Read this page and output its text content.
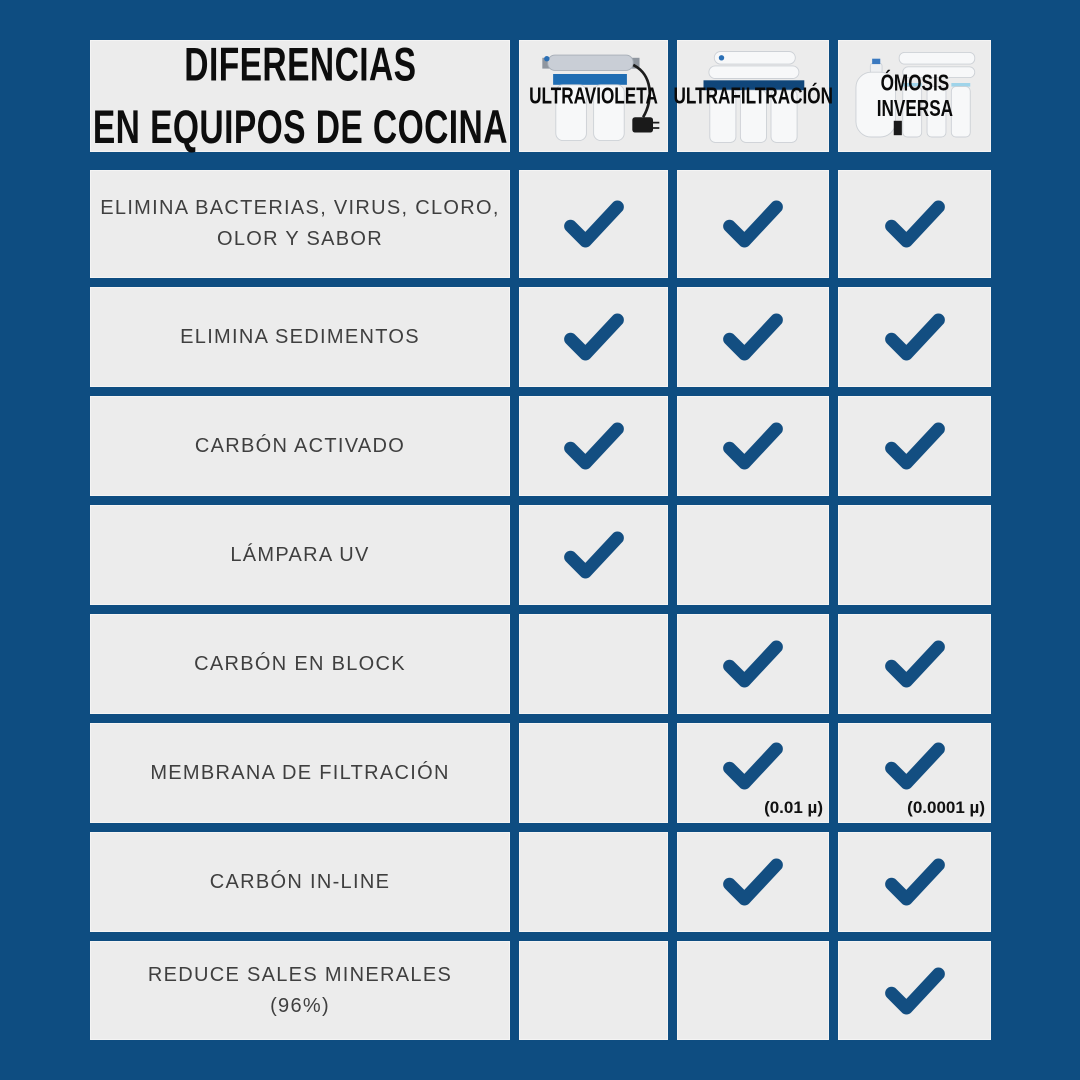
DIFERENCIAS
EN EQUIPOS DE COCINA
ULTRAVIOLETA ULTRAFILTRACIÓN ÓMOSIS
INVERSA
ELIMINA BACTERIAS, VIRUS, CLORO,
OLOR Y SABOR
ELIMINA SEDIMENTOS
CARBÓN ACTIVADO
LÁMPARA UV
CARBÓN EN BLOCK
MEMBRANA DE FILTRACIÓN
(0.01 µ)	(0.0001 µ)
CARBÓN IN-LINE
REDUCE SALES MINERALES
(96%)
